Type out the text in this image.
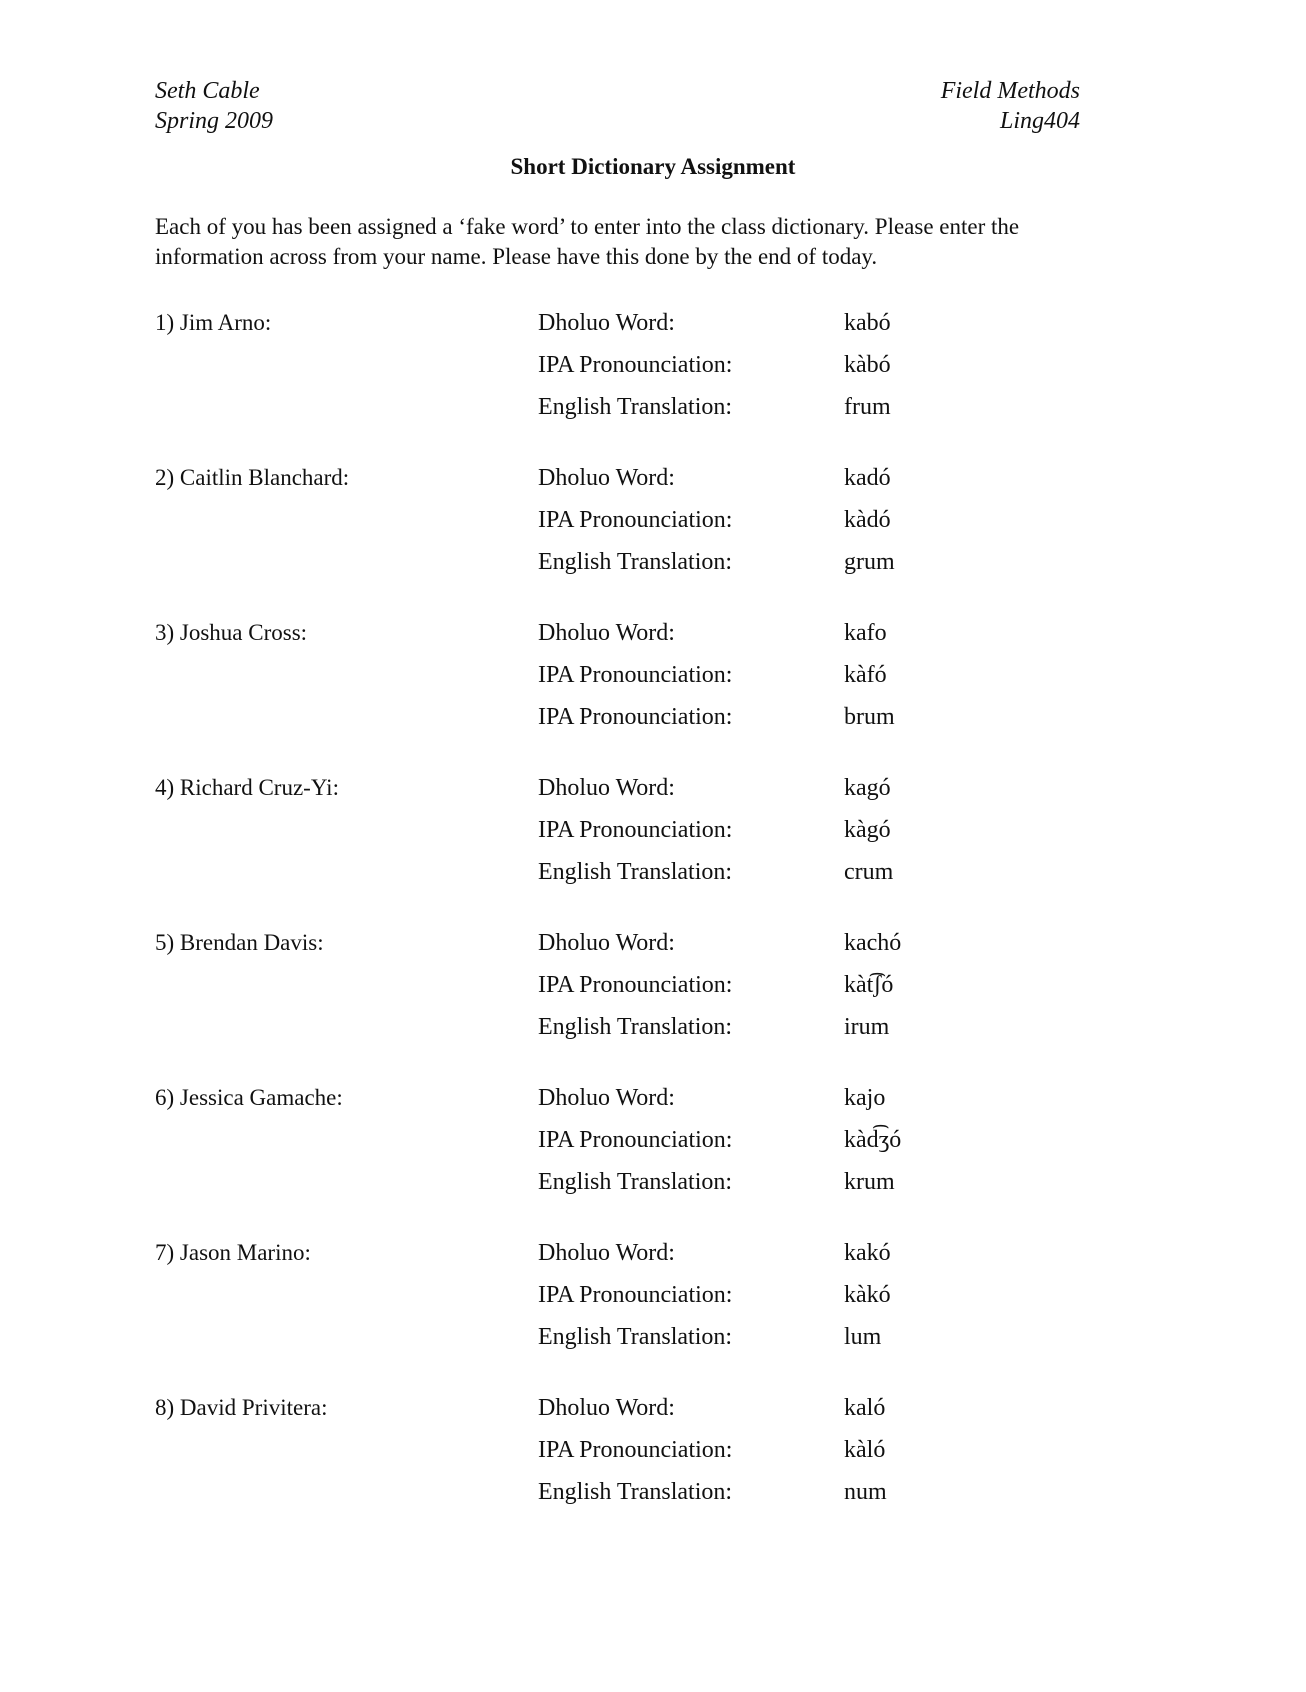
Seth Cable
Spring 2009
Field Methods
Ling404
Short Dictionary Assignment
Each of you has been assigned a ‘fake word’ to enter into the class dictionary. Please enter the
information across from your name. Please have this done by the end of today.
1) Jim Arno:	Dholuo Word:	kabó
IPA Pronounciation:	kàbó
English Translation:	frum
2) Caitlin Blanchard:	Dholuo Word:	kadó
IPA Pronounciation:	kàdó
English Translation:	grum
3) Joshua Cross:	Dholuo Word:	kafo
IPA Pronounciation:	kàfó
IPA Pronounciation:	brum
4) Richard Cruz-Yi:	Dholuo Word:	kagó
IPA Pronounciation:	kàgó
English Translation:	crum
5) Brendan Davis:	Dholuo Word:	kachó
IPA Pronounciation:	kàt͡ʃó
English Translation:	irum
6) Jessica Gamache:	Dholuo Word:	kajo
IPA Pronounciation:	kàd͡ʒó
English Translation:	krum
7) Jason Marino:	Dholuo Word:	kakó
IPA Pronounciation:	kàkó
English Translation:	lum
8) David Privitera:	Dholuo Word:	kaló
IPA Pronounciation:	kàló
English Translation:	num
